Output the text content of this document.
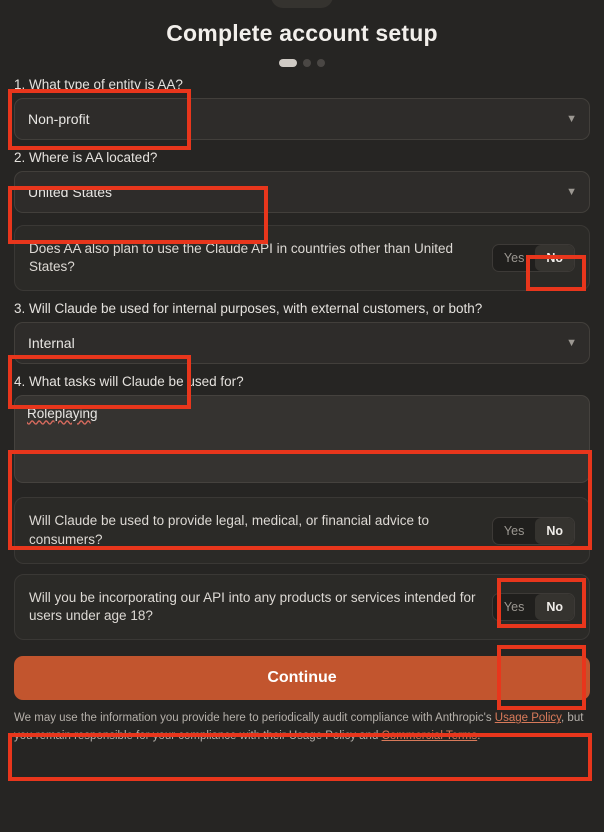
Complete account setup
1. What type of entity is AA?
Non-profit
▼
2. Where is AA located?
United States
▼
Does AA also plan to use the Claude API in countries other than United States?
Yes	No
3. Will Claude be used for internal purposes, with external customers, or both?
Internal
▼
4. What tasks will Claude be used for?
Roleplaying
Will Claude be used to provide legal, medical, or financial advice to consumers?
Yes	No
Will you be incorporating our API into any products or services intended for users under age 18?
Yes	No
Continue
We may use the information you provide here to periodically audit compliance with Anthropic's Usage Policy, but you remain responsible for your compliance with their Usage Policy and Commercial Terms.
